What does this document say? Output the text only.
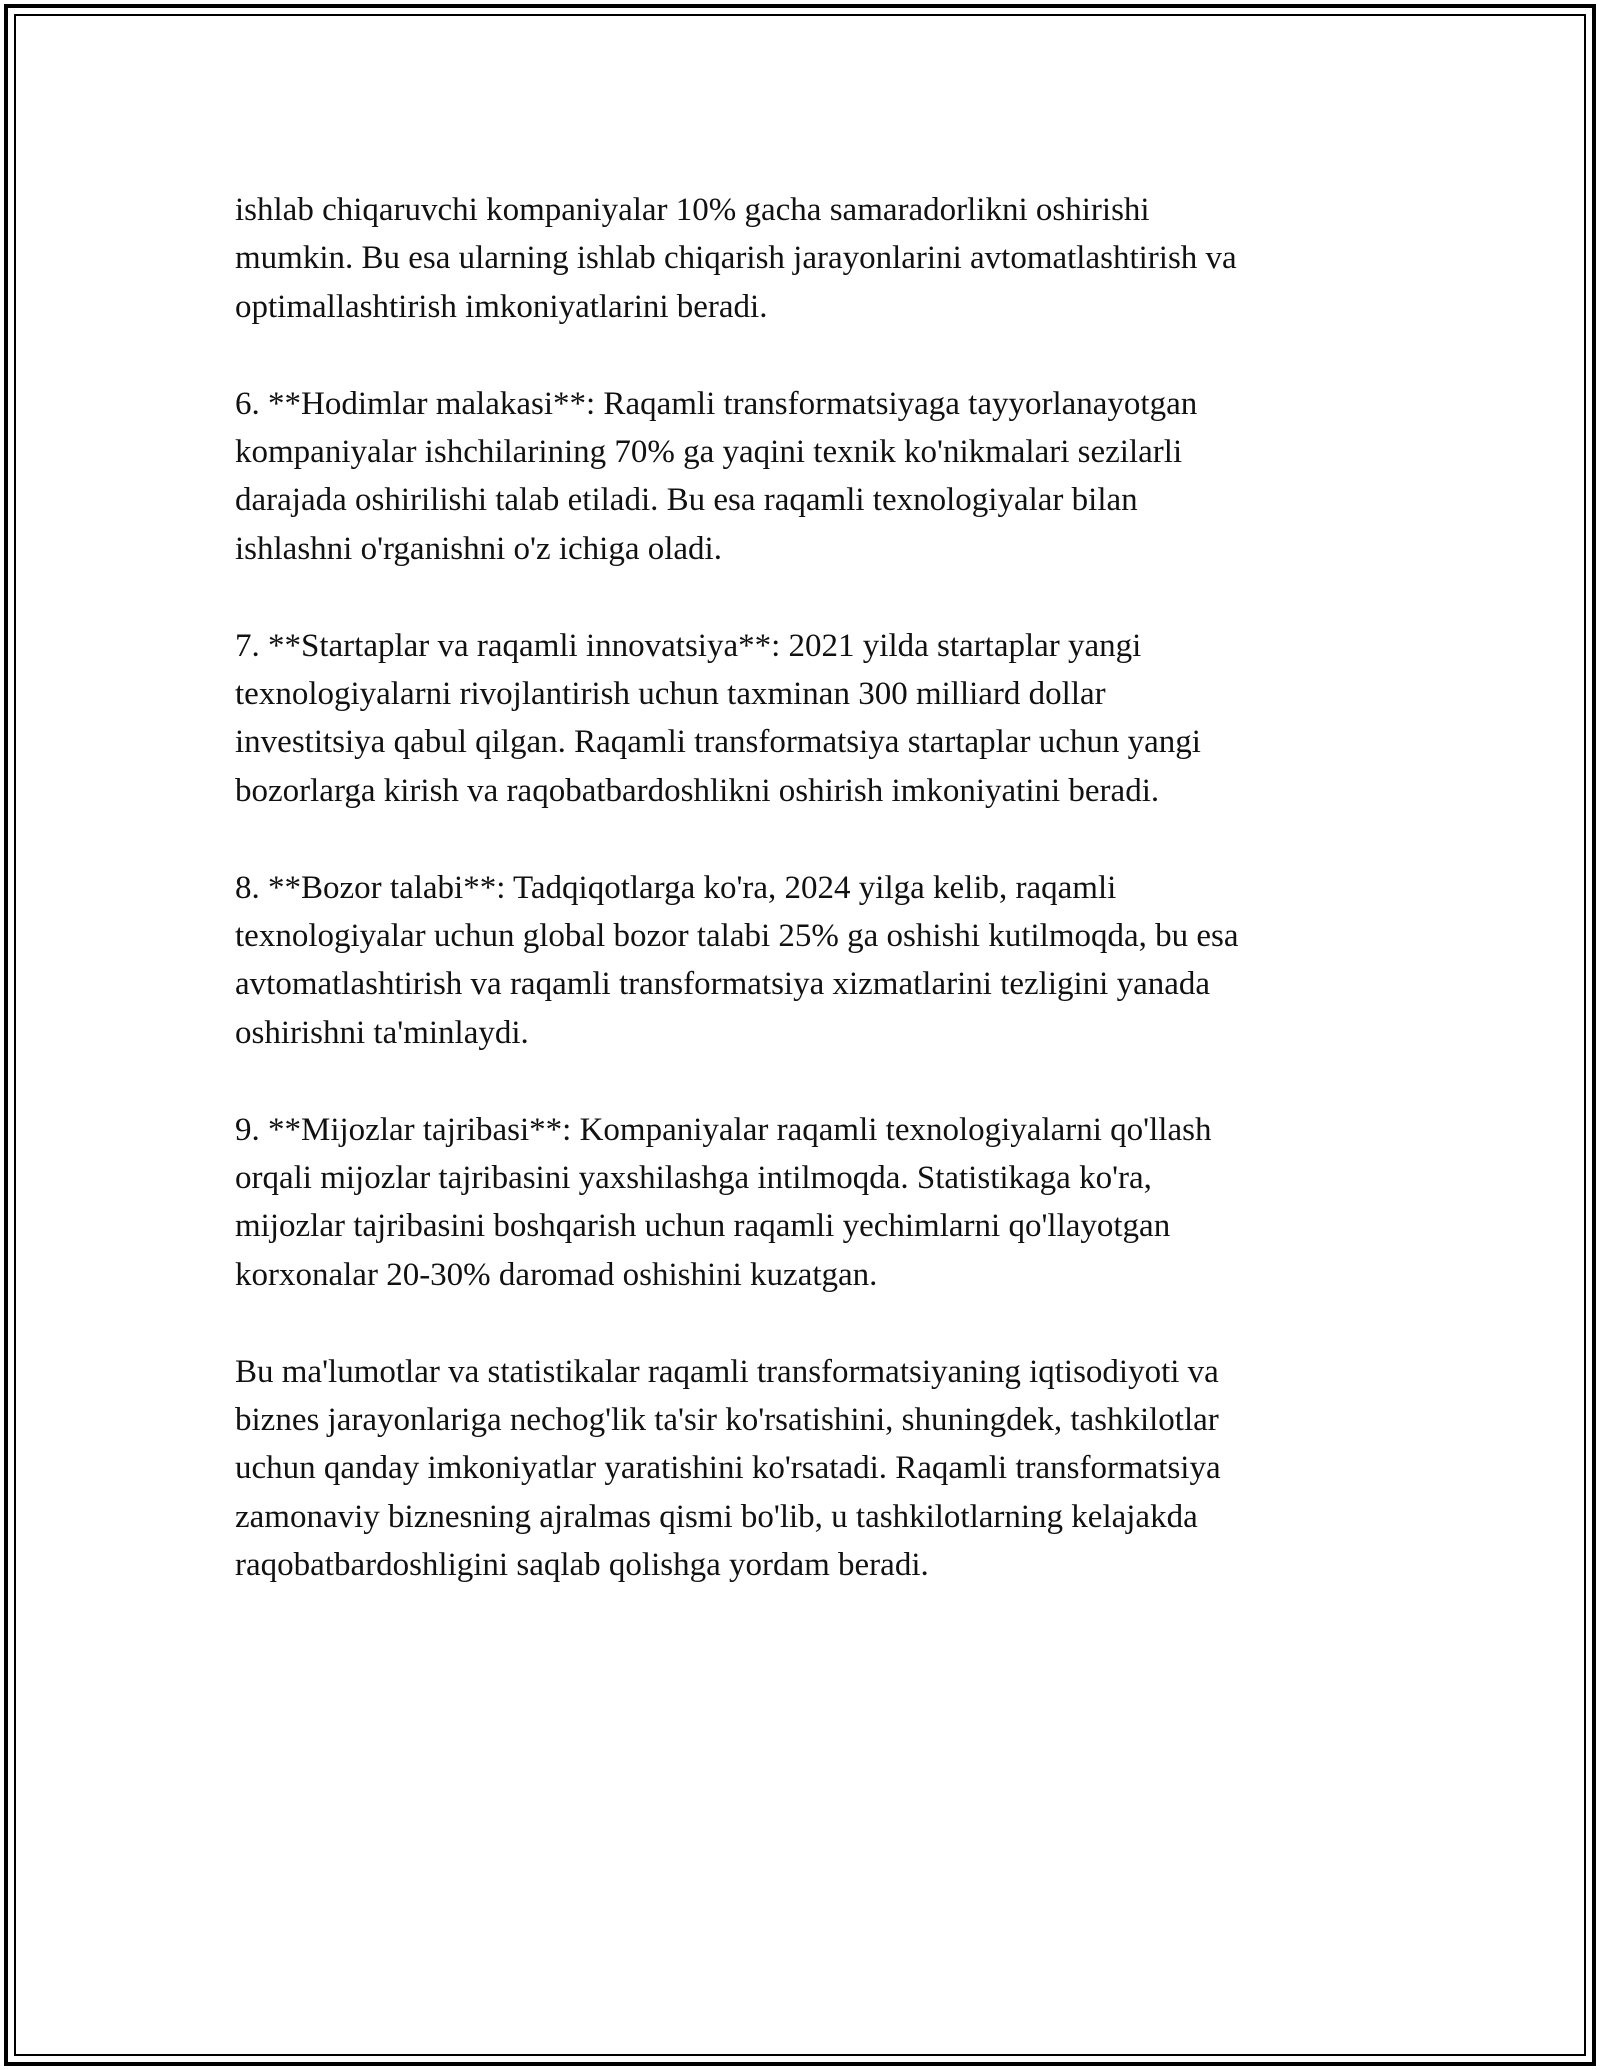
ishlab chiqaruvchi kompaniyalar 10% gacha samaradorlikni oshirishi
mumkin. Bu esa ularning ishlab chiqarish jarayonlarini avtomatlashtirish va
optimallashtirish imkoniyatlarini beradi.

6. **Hodimlar malakasi**: Raqamli transformatsiyaga tayyorlanayotgan
kompaniyalar ishchilarining 70% ga yaqini texnik ko'nikmalari sezilarli
darajada oshirilishi talab etiladi. Bu esa raqamli texnologiyalar bilan
ishlashni o'rganishni o'z ichiga oladi.

7. **Startaplar va raqamli innovatsiya**: 2021 yilda startaplar yangi
texnologiyalarni rivojlantirish uchun taxminan 300 milliard dollar
investitsiya qabul qilgan. Raqamli transformatsiya startaplar uchun yangi
bozorlarga kirish va raqobatbardoshlikni oshirish imkoniyatini beradi.

8. **Bozor talabi**: Tadqiqotlarga ko'ra, 2024 yilga kelib, raqamli
texnologiyalar uchun global bozor talabi 25% ga oshishi kutilmoqda, bu esa
avtomatlashtirish va raqamli transformatsiya xizmatlarini tezligini yanada
oshirishni ta'minlaydi.

9. **Mijozlar tajribasi**: Kompaniyalar raqamli texnologiyalarni qo'llash
orqali mijozlar tajribasini yaxshilashga intilmoqda. Statistikaga ko'ra,
mijozlar tajribasini boshqarish uchun raqamli yechimlarni qo'llayotgan
korxonalar 20-30% daromad oshishini kuzatgan.

Bu ma'lumotlar va statistikalar raqamli transformatsiyaning iqtisodiyoti va
biznes jarayonlariga nechog'lik ta'sir ko'rsatishini, shuningdek, tashkilotlar
uchun qanday imkoniyatlar yaratishini ko'rsatadi. Raqamli transformatsiya
zamonaviy biznesning ajralmas qismi bo'lib, u tashkilotlarning kelajakda
raqobatbardoshligini saqlab qolishga yordam beradi.
